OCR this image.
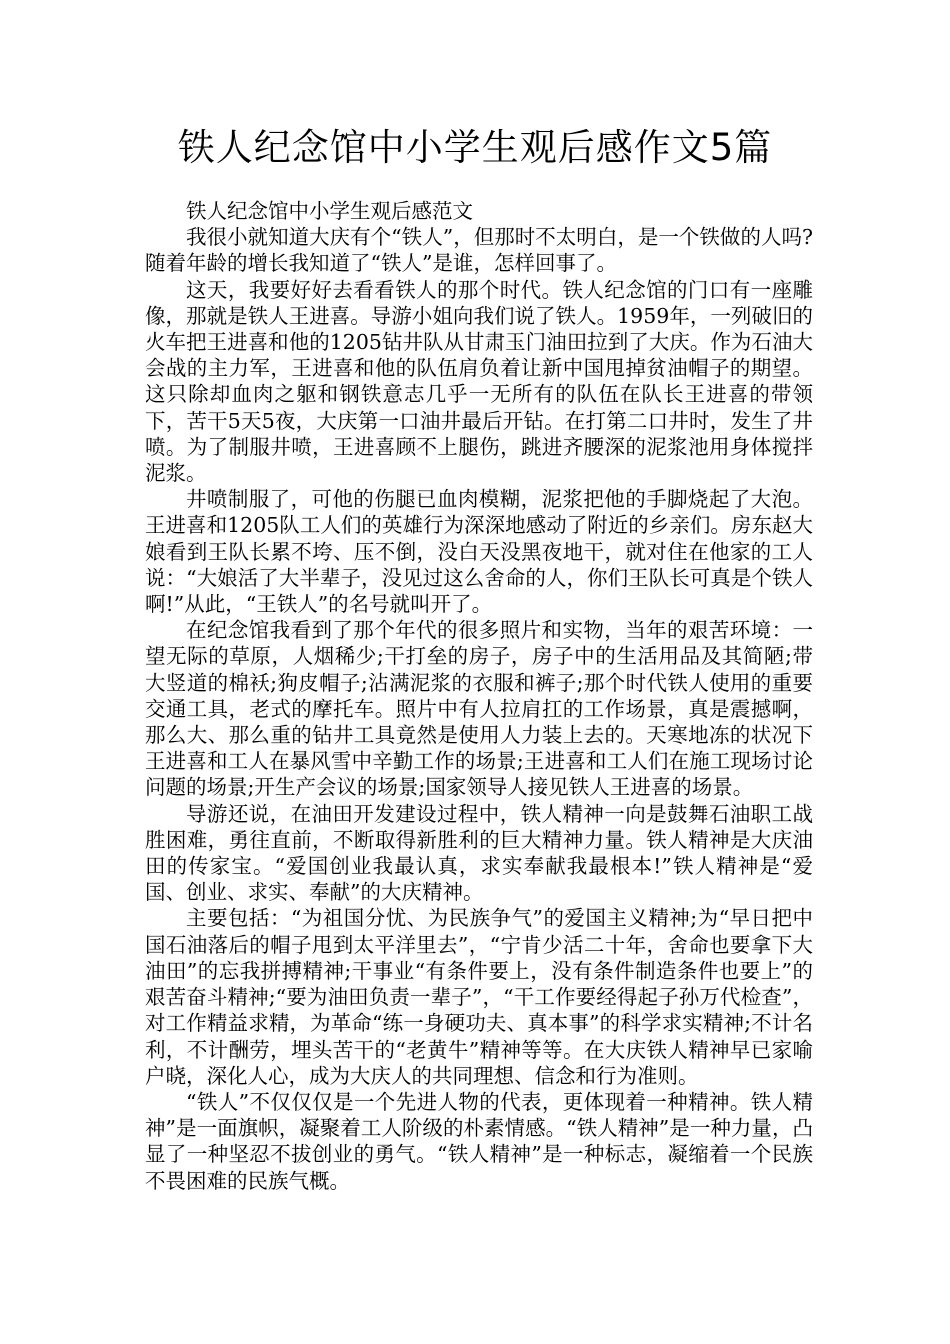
铁人纪念馆中小学生观后感作文5篇

铁人纪念馆中小学生观后感范文

我很小就知道大庆有个“铁人”，但那时不太明白，是一个铁做的人吗?随着年龄的增长我知道了“铁人”是谁，怎样回事了。

这天，我要好好去看看铁人的那个时代。铁人纪念馆的门口有一座雕像，那就是铁人王进喜。导游小姐向我们说了铁人。1959年，一列破旧的火车把王进喜和他的1205钻井队从甘肃玉门油田拉到了大庆。作为石油大会战的主力军，王进喜和他的队伍肩负着让新中国甩掉贫油帽子的期望。这只除却血肉之躯和钢铁意志几乎一无所有的队伍在队长王进喜的带领下，苦干5天5夜，大庆第一口油井最后开钻。在打第二口井时，发生了井喷。为了制服井喷，王进喜顾不上腿伤，跳进齐腰深的泥浆池用身体搅拌泥浆。

井喷制服了，可他的伤腿已血肉模糊，泥浆把他的手脚烧起了大泡。王进喜和1205队工人们的英雄行为深深地感动了附近的乡亲们。房东赵大娘看到王队长累不垮、压不倒，没白天没黑夜地干，就对住在他家的工人说：“大娘活了大半辈子，没见过这么舍命的人，你们王队长可真是个铁人啊!”从此，“王铁人”的名号就叫开了。

在纪念馆我看到了那个年代的很多照片和实物，当年的艰苦环境：一望无际的草原，人烟稀少;干打垒的房子，房子中的生活用品及其简陋;带大竖道的棉袄;狗皮帽子;沾满泥浆的衣服和裤子;那个时代铁人使用的重要交通工具，老式的摩托车。照片中有人拉肩扛的工作场景，真是震撼啊，那么大、那么重的钻井工具竟然是使用人力装上去的。天寒地冻的状况下王进喜和工人在暴风雪中辛勤工作的场景;王进喜和工人们在施工现场讨论问题的场景;开生产会议的场景;国家领导人接见铁人王进喜的场景。

导游还说，在油田开发建设过程中，铁人精神一向是鼓舞石油职工战胜困难，勇往直前，不断取得新胜利的巨大精神力量。铁人精神是大庆油田的传家宝。“爱国创业我最认真，求实奉献我最根本!”铁人精神是“爱国、创业、求实、奉献”的大庆精神。

主要包括：“为祖国分忧、为民族争气”的爱国主义精神;为“早日把中国石油落后的帽子甩到太平洋里去”，“宁肯少活二十年，舍命也要拿下大油田”的忘我拼搏精神;干事业“有条件要上，没有条件制造条件也要上”的艰苦奋斗精神;“要为油田负责一辈子”，“干工作要经得起子孙万代检查”，对工作精益求精，为革命“练一身硬功夫、真本事”的科学求实精神;不计名利，不计酬劳，埋头苦干的“老黄牛”精神等等。在大庆铁人精神早已家喻户晓，深化人心，成为大庆人的共同理想、信念和行为准则。

“铁人”不仅仅仅是一个先进人物的代表，更体现着一种精神。铁人精神”是一面旗帜，凝聚着工人阶级的朴素情感。“铁人精神”是一种力量，凸显了一种坚忍不拔创业的勇气。“铁人精神”是一种标志，凝缩着一个民族不畏困难的民族气概。
